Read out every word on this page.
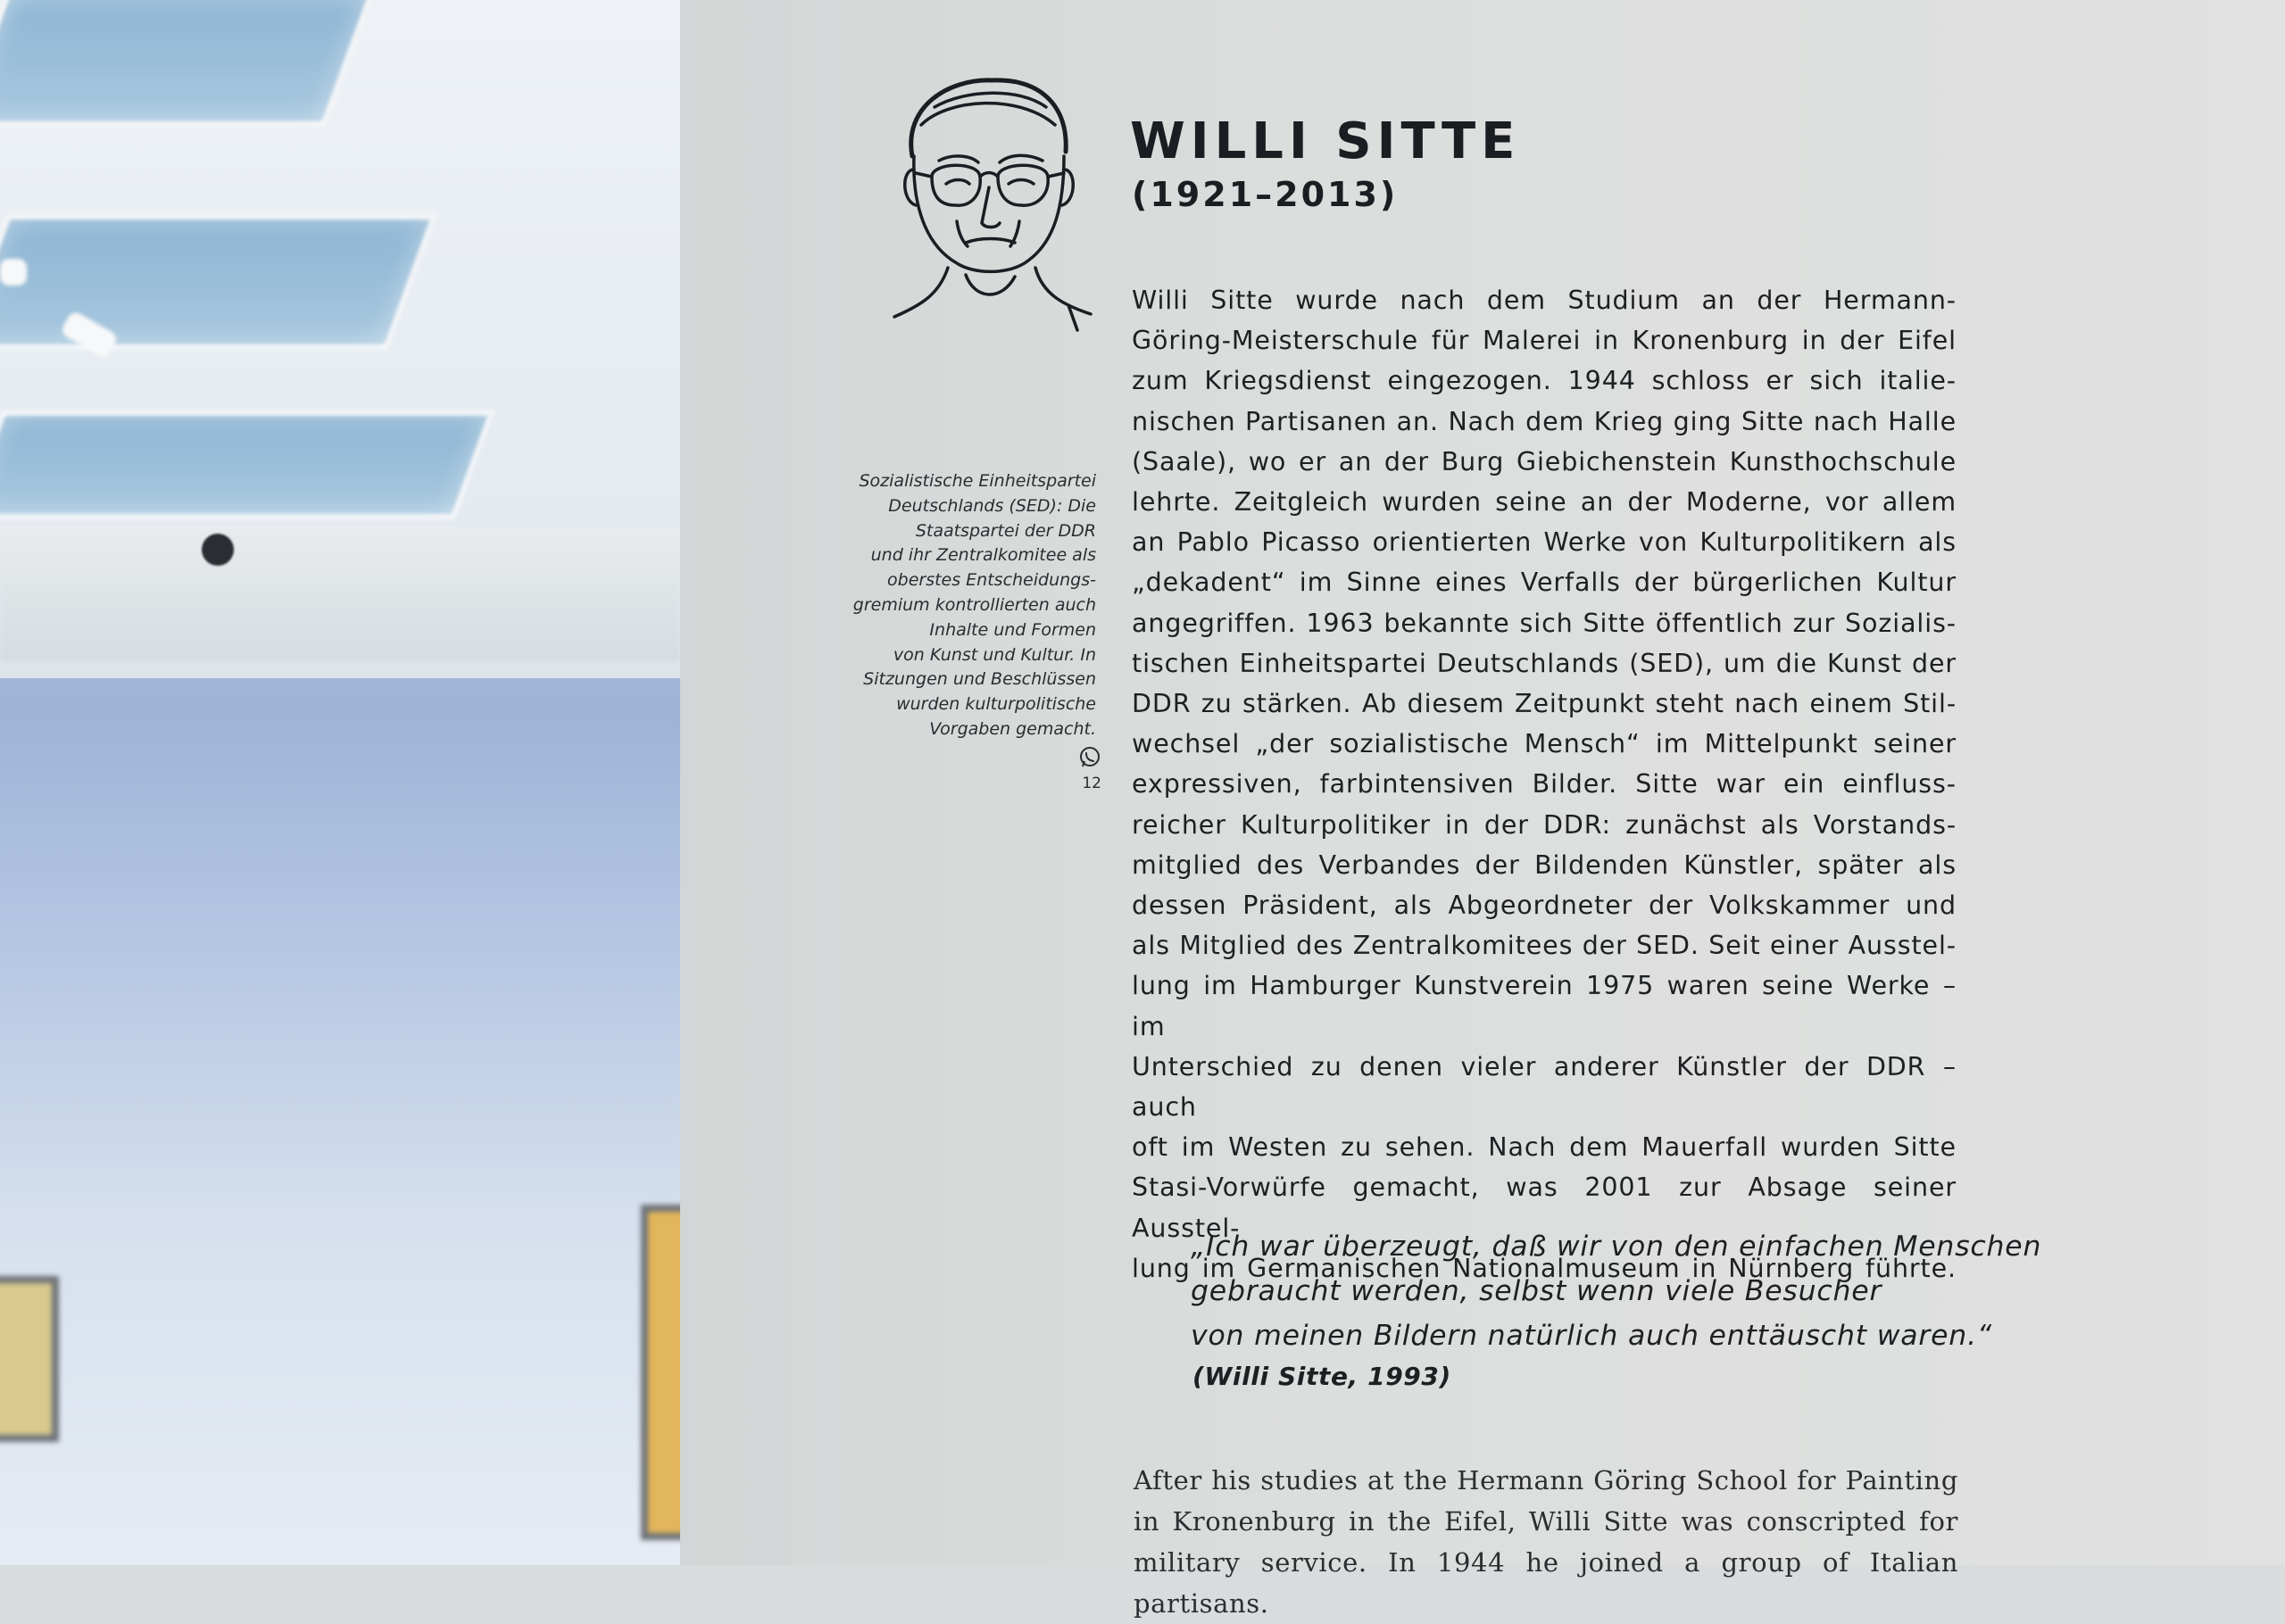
WILLI SITTE
(1921–2013)
Willi Sitte wurde nach dem Studium an der Hermann-
Göring-Meisterschule für Malerei in Kronenburg in der Eifel
zum Kriegsdienst eingezogen. 1944 schloss er sich italie-
nischen Partisanen an. Nach dem Krieg ging Sitte nach Halle
(Saale), wo er an der Burg Giebichenstein Kunsthochschule
lehrte. Zeitgleich wurden seine an der Moderne, vor allem
an Pablo Picasso orientierten Werke von Kulturpolitikern als
„dekadent“ im Sinne eines Verfalls der bürgerlichen Kultur
angegriffen. 1963 bekannte sich Sitte öffentlich zur Sozialis-
tischen Einheitspartei Deutschlands (SED), um die Kunst der
DDR zu stärken. Ab diesem Zeitpunkt steht nach einem Stil-
wechsel „der sozialistische Mensch“ im Mittelpunkt seiner
expressiven, farbintensiven Bilder. Sitte war ein einfluss-
reicher Kulturpolitiker in der DDR: zunächst als Vorstands-
mitglied des Verbandes der Bildenden Künstler, später als
dessen Präsident, als Abgeordneter der Volkskammer und
als Mitglied des Zentralkomitees der SED. Seit einer Ausstel-
lung im Hamburger Kunstverein 1975 waren seine Werke – im
Unterschied zu denen vieler anderer Künstler der DDR – auch
oft im Westen zu sehen. Nach dem Mauerfall wurden Sitte
Stasi-Vorwürfe gemacht, was 2001 zur Absage seiner Ausstel-
lung im Germanischen Nationalmuseum in Nürnberg führte.
Sozialistische Einheitspartei
Deutschlands (SED): Die
Staatspartei der DDR
und ihr Zentralkomitee als
oberstes Entscheidungs-
gremium kontrollierten auch
Inhalte und Formen
von Kunst und Kultur. In
Sitzungen und Beschlüssen
wurden kulturpolitische
Vorgaben gemacht.
12
„Ich war überzeugt, daß wir von den einfachen Menschen
gebraucht werden, selbst wenn viele Besucher
von meinen Bildern natürlich auch enttäuscht waren.“
(Willi Sitte, 1993)
After his studies at the Hermann Göring School for Painting
in Kronenburg in the Eifel, Willi Sitte was conscripted for
military service. In 1944 he joined a group of Italian partisans.
